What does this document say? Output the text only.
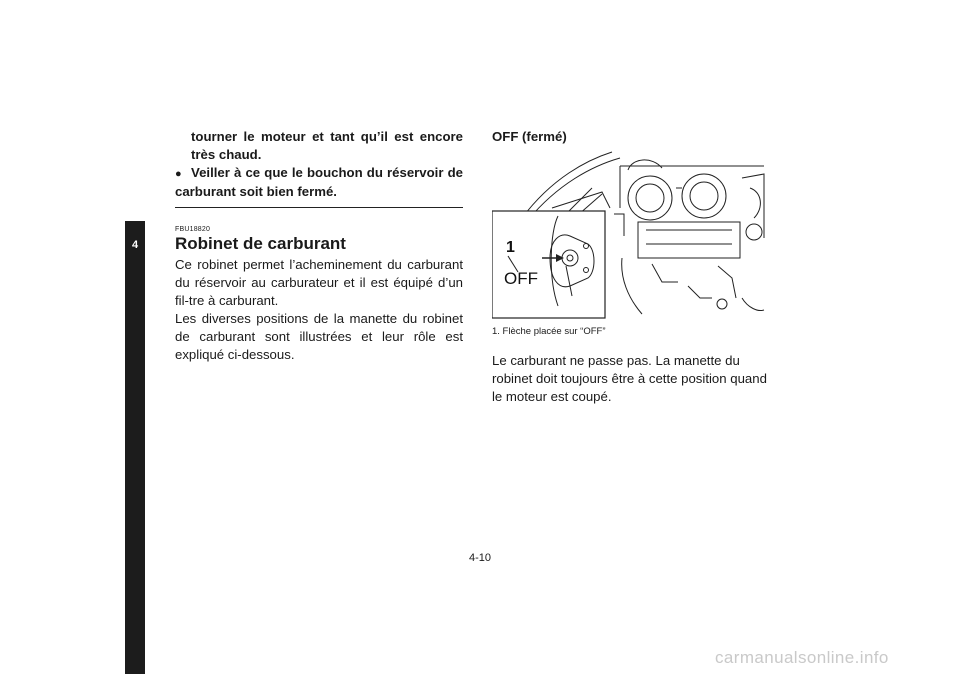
4
tourner le moteur et tant qu’il est encore très chaud.
● Veiller à ce que le bouchon du réservoir de carburant soit bien fermé.
FBU18820
Robinet de carburant

Ce robinet permet l’acheminement du carburant du réservoir au carburateur et il est équipé d’un fil-tre à carburant.

Les diverses positions de la manette du robinet de carburant sont illustrées et leur rôle est expliqué ci-dessous.

OFF (fermé)
1
OFF
1. Flèche placée sur “OFF”
Le carburant ne passe pas. La manette du robinet doit toujours être à cette position quand le moteur est coupé.
4-10
carmanualsonline.info
